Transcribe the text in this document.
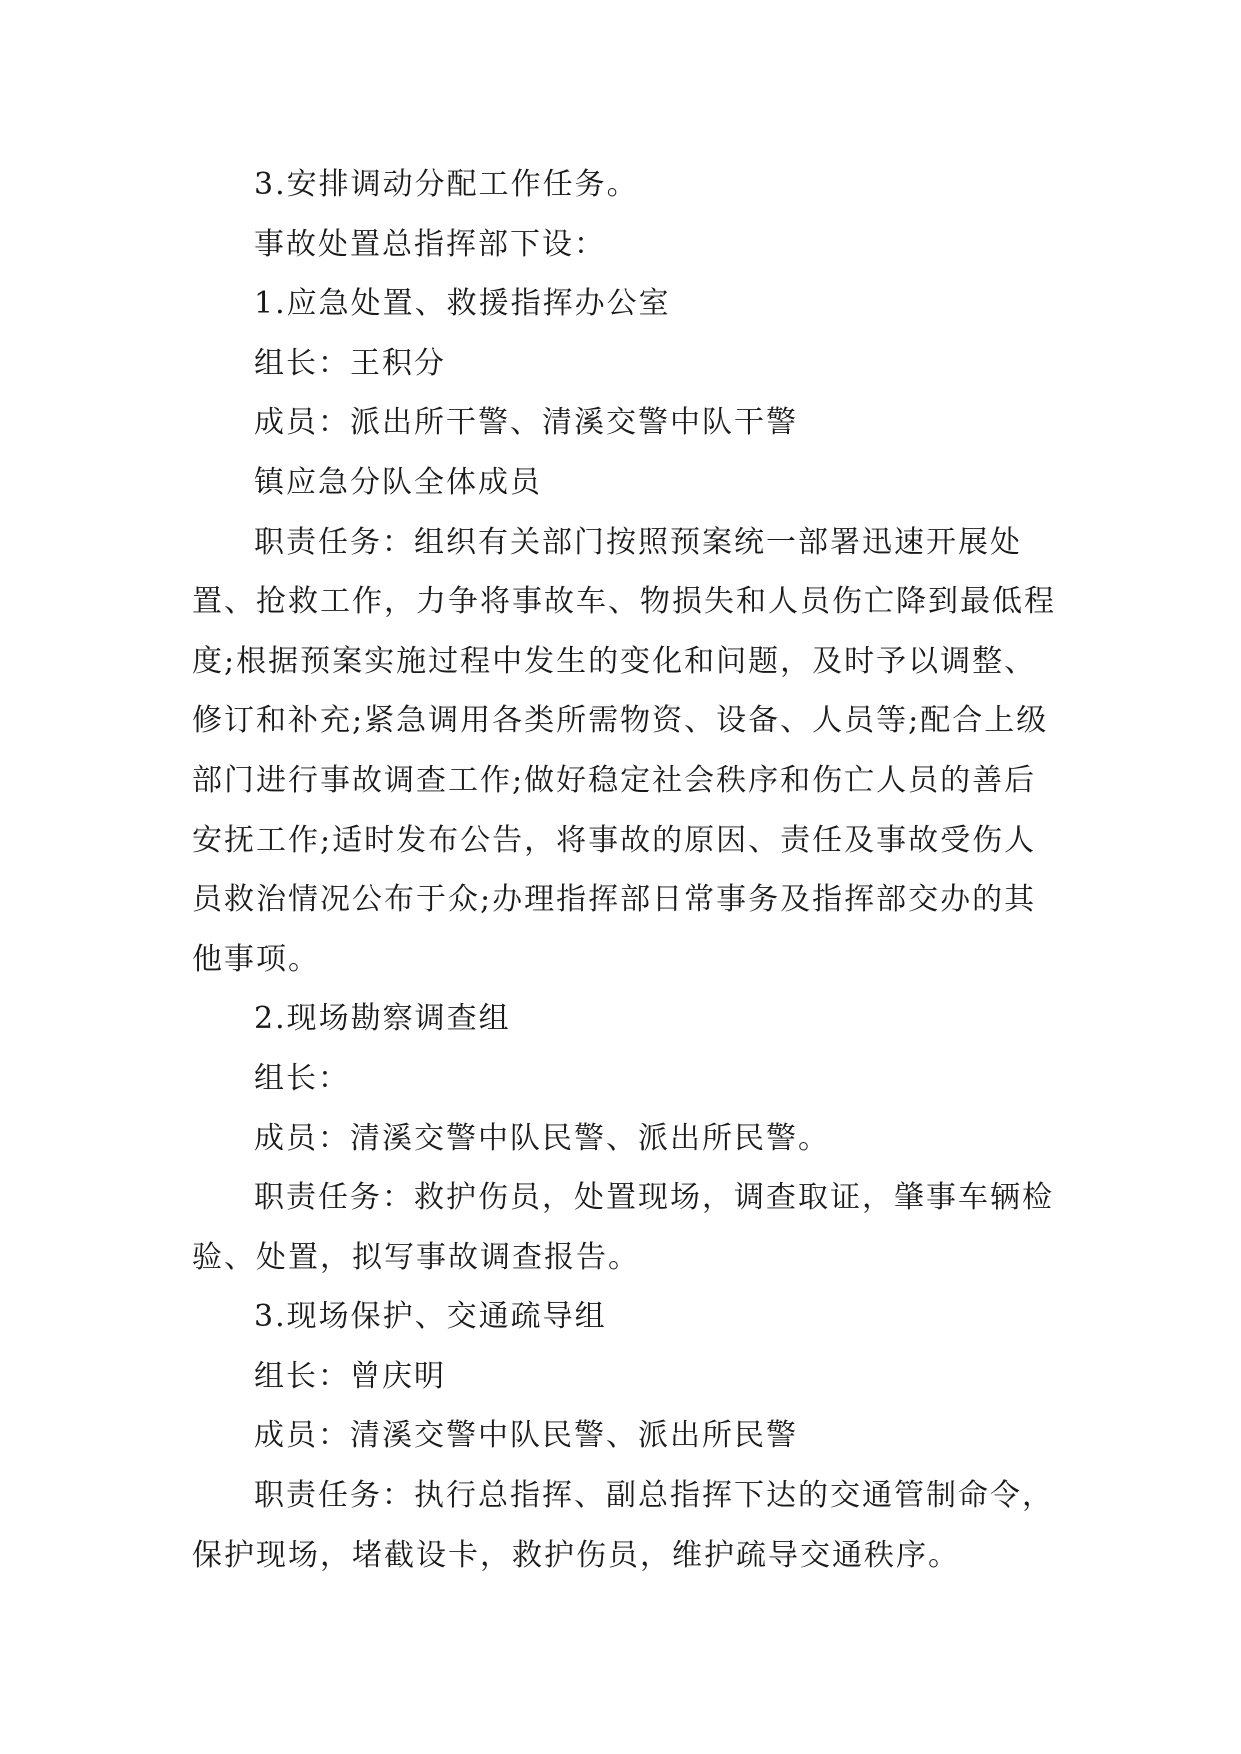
3.安排调动分配工作任务。

事故处置总指挥部下设：

1.应急处置、救援指挥办公室

组长：王积分

成员：派出所干警、清溪交警中队干警

镇应急分队全体成员

职责任务：组织有关部门按照预案统一部署迅速开展处置、抢救工作，力争将事故车、物损失和人员伤亡降到最低程度;根据预案实施过程中发生的变化和问题，及时予以调整、修订和补充;紧急调用各类所需物资、设备、人员等;配合上级部门进行事故调查工作;做好稳定社会秩序和伤亡人员的善后安抚工作;适时发布公告，将事故的原因、责任及事故受伤人员救治情况公布于众;办理指挥部日常事务及指挥部交办的其他事项。

2.现场勘察调查组

组长：

成员：清溪交警中队民警、派出所民警。

职责任务：救护伤员，处置现场，调查取证，肇事车辆检验、处置，拟写事故调查报告。

3.现场保护、交通疏导组

组长：曾庆明

成员：清溪交警中队民警、派出所民警

职责任务：执行总指挥、副总指挥下达的交通管制命令，保护现场，堵截设卡，救护伤员，维护疏导交通秩序。
